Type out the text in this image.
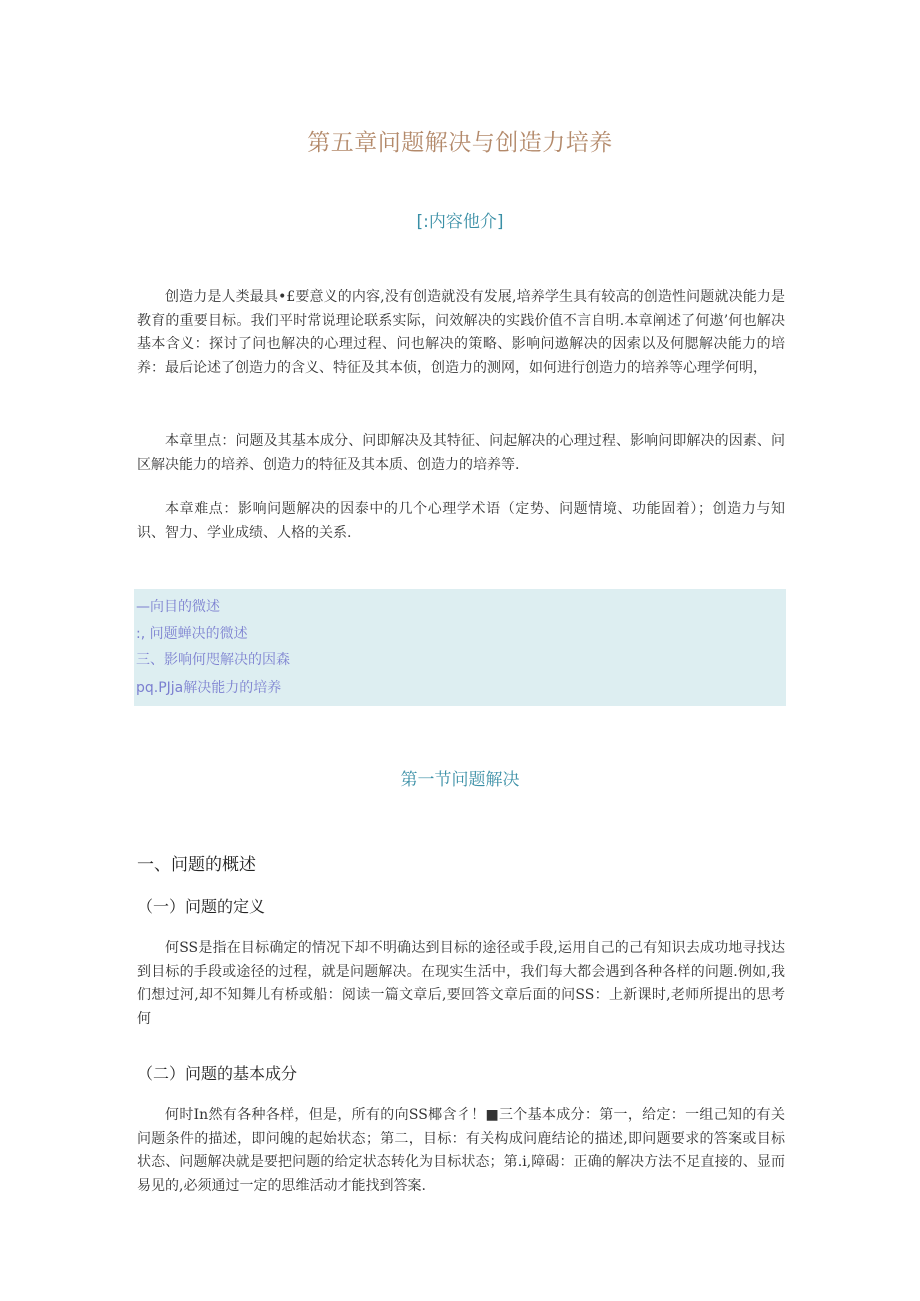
第五章问题解决与创造力培养
[:内容他介]

创造力是人类最具•£要意义的内容,没有创造就没有发展,培养学生具有较高的创造性问题就决能力是教育的重要目标。我们平时常说理论联系实际，问效解决的实践价值不言自明.本章阐述了何遨’何也解决基本含义：探讨了问也解决的心理过程、问也解决的策略、影响问遨解决的因索以及何腮解决能力的培养：最后论述了创造力的含义、特征及其本侦，创造力的测网，如何进行创造力的培养等心理学何明，

本章里点：问题及其基本成分、问即解决及其特征、问起解决的心理过程、影响问即解决的因素、问区解决能力的培养、创造力的特征及其本质、创造力的培养等.

本章难点：影响问题解决的因泰中的几个心理学术语（定势、问题情境、功能固着）；创造力与知识、智力、学业成绩、人格的关系.

—向目的微述
:, 问题蝉决的微述
三、影响何咫解决的因森
pq.PJja解决能力的培养
第一节问题解决
一、问题的概述
（一）问题的定义

何SS是指在目标确定的情况下却不明确达到目标的途径或手段,运用自己的己有知识去成功地寻找达到目标的手段或途径的过程，就是问题解决。在现实生活中，我们每大都会遇到各种各样的问题.例如,我们想过河,却不知舞儿有桥或船：阅读一篇文章后,要回答文章后面的问SS：上新课时,老师所提出的思考何

（二）问题的基本成分

何时In然有各种各样，但是，所有的向SS椰含彳！■三个基本成分：第一，给定：一组己知的有关问题条件的描述，即问魄的起始状态；第二，目标：有关构成问鹿结论的描述,即问题要求的答案或目标状态、问题解决就是要把问题的给定状态转化为目标状态；第.i,障碣：正确的解决方法不足直接的、显而易见的,必须通过一定的思维活动才能找到答案.
